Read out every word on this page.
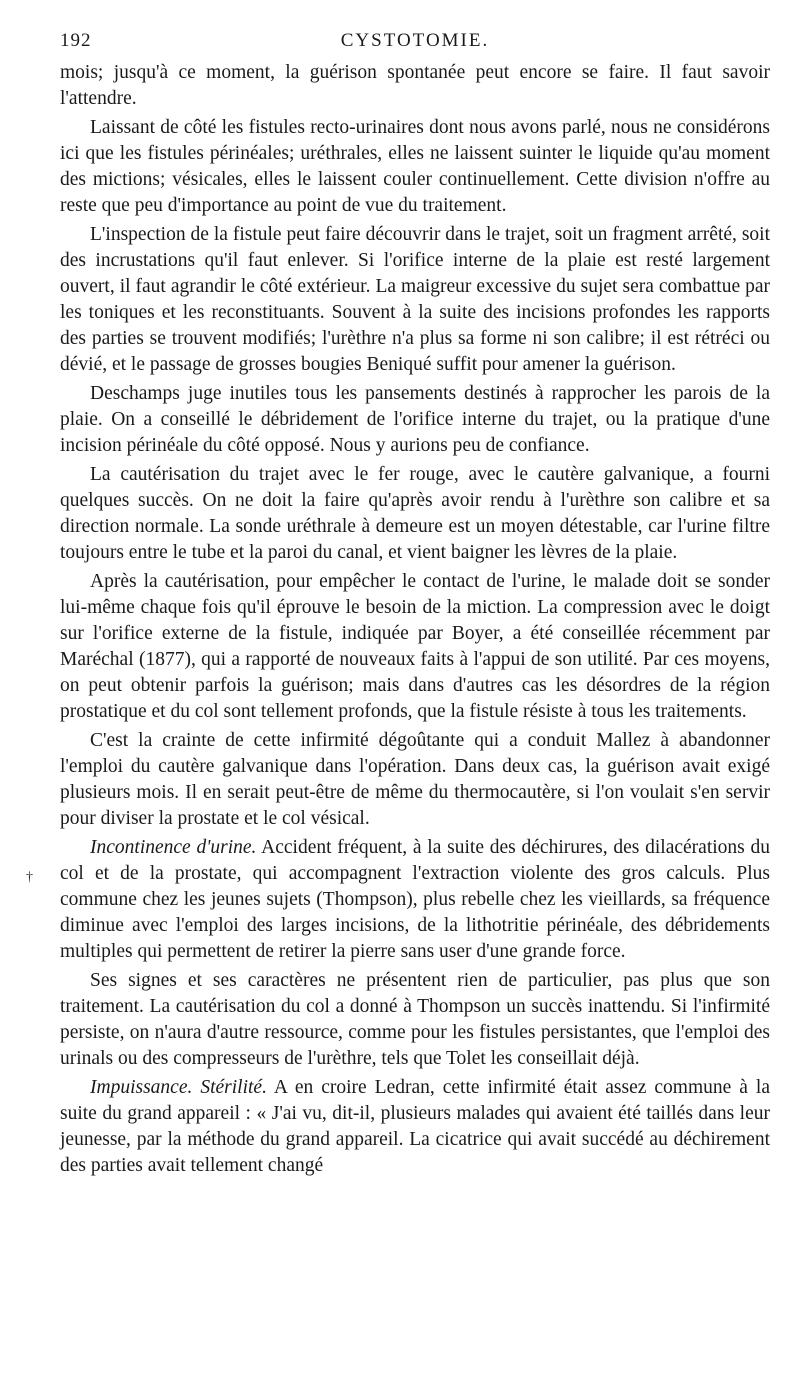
192	CYSTOTOMIE.

mois; jusqu'à ce moment, la guérison spontanée peut encore se faire. Il faut savoir l'attendre.

Laissant de côté les fistules recto-urinaires dont nous avons parlé, nous ne considérons ici que les fistules périnéales; uréthrales, elles ne laissent suinter le liquide qu'au moment des mictions; vésicales, elles le laissent couler continuellement. Cette division n'offre au reste que peu d'importance au point de vue du traitement.

L'inspection de la fistule peut faire découvrir dans le trajet, soit un fragment arrêté, soit des incrustations qu'il faut enlever. Si l'orifice interne de la plaie est resté largement ouvert, il faut agrandir le côté extérieur. La maigreur excessive du sujet sera combattue par les toniques et les reconstituants. Souvent à la suite des incisions profondes les rapports des parties se trouvent modifiés; l'urèthre n'a plus sa forme ni son calibre; il est rétréci ou dévié, et le passage de grosses bougies Beniqué suffit pour amener la guérison.

Deschamps juge inutiles tous les pansements destinés à rapprocher les parois de la plaie. On a conseillé le débridement de l'orifice interne du trajet, ou la pratique d'une incision périnéale du côté opposé. Nous y aurions peu de confiance.

La cautérisation du trajet avec le fer rouge, avec le cautère galvanique, a fourni quelques succès. On ne doit la faire qu'après avoir rendu à l'urèthre son calibre et sa direction normale. La sonde uréthrale à demeure est un moyen détestable, car l'urine filtre toujours entre le tube et la paroi du canal, et vient baigner les lèvres de la plaie.

Après la cautérisation, pour empêcher le contact de l'urine, le malade doit se sonder lui-même chaque fois qu'il éprouve le besoin de la miction. La compression avec le doigt sur l'orifice externe de la fistule, indiquée par Boyer, a été conseillée récemment par Maréchal (1877), qui a rapporté de nouveaux faits à l'appui de son utilité. Par ces moyens, on peut obtenir parfois la guérison; mais dans d'autres cas les désordres de la région prostatique et du col sont tellement profonds, que la fistule résiste à tous les traitements.

C'est la crainte de cette infirmité dégoûtante qui a conduit Mallez à abandonner l'emploi du cautère galvanique dans l'opération. Dans deux cas, la guérison avait exigé plusieurs mois. Il en serait peut-être de même du thermocautère, si l'on voulait s'en servir pour diviser la prostate et le col vésical.

Incontinence d'urine. Accident fréquent, à la suite des déchirures, des dilacérations du col et de la prostate, qui accompagnent l'extraction violente des gros calculs. Plus commune chez les jeunes sujets (Thompson), plus rebelle chez les vieillards, sa fréquence diminue avec l'emploi des larges incisions, de la lithotritie périnéale, des débridements multiples qui permettent de retirer la pierre sans user d'une grande force.

Ses signes et ses caractères ne présentent rien de particulier, pas plus que son traitement. La cautérisation du col a donné à Thompson un succès inattendu. Si l'infirmité persiste, on n'aura d'autre ressource, comme pour les fistules persistantes, que l'emploi des urinals ou des compresseurs de l'urèthre, tels que Tolet les conseillait déjà.

Impuissance. Stérilité. A en croire Ledran, cette infirmité était assez commune à la suite du grand appareil : « J'ai vu, dit-il, plusieurs malades qui avaient été taillés dans leur jeunesse, par la méthode du grand appareil. La cicatrice qui avait succédé au déchirement des parties avait tellement changé

†
